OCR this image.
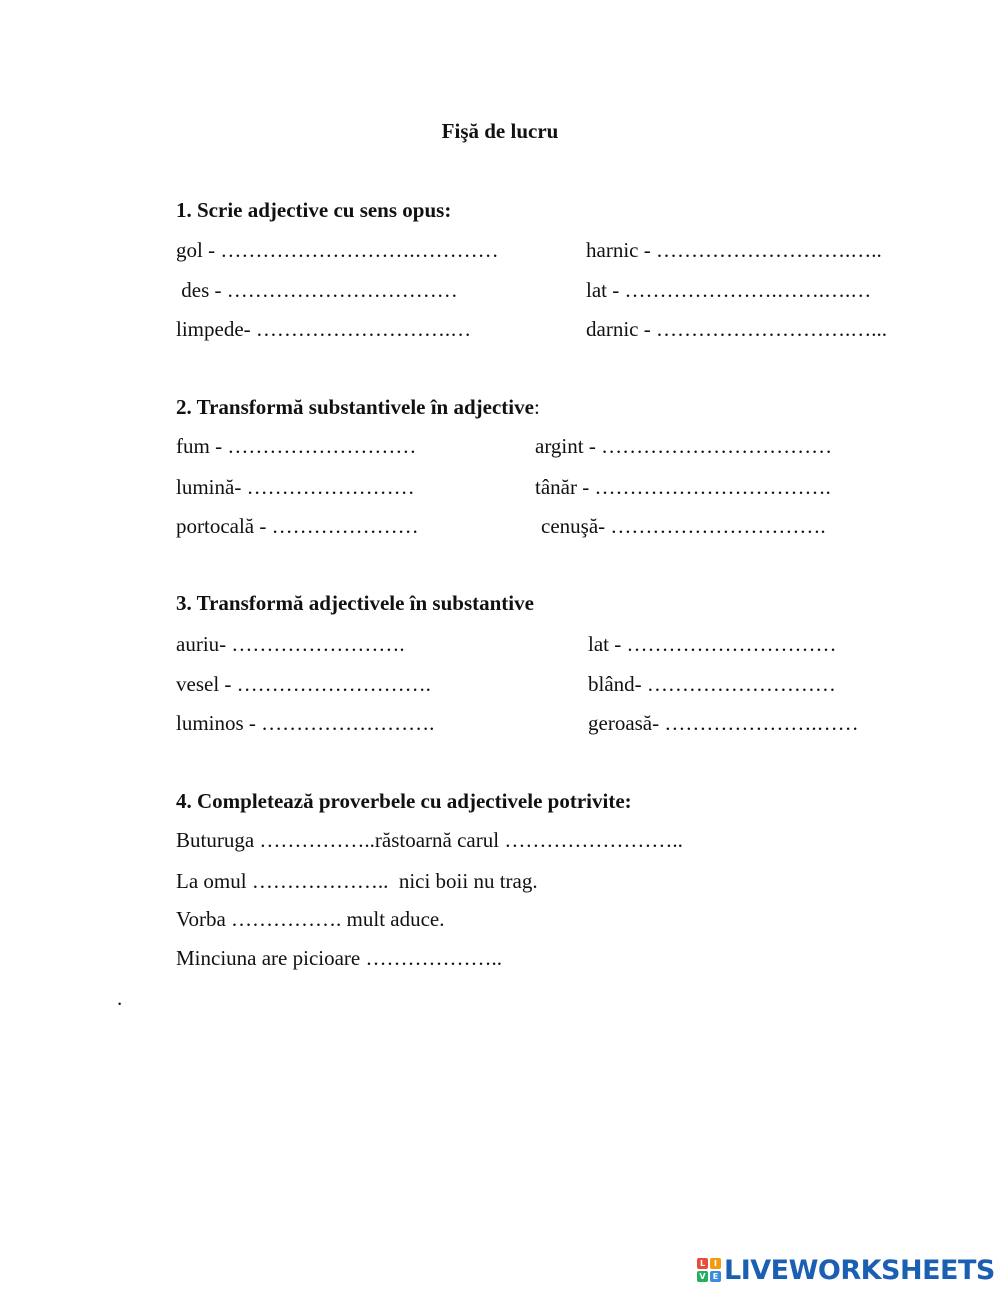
Fişă de lucru
1. Scrie adjective cu sens opus:
gol - ……………………….…………	harnic - ……………………….…..
des - ……………………………	lat - ………………….…….….…
limpede- ……………………….…	darnic - ……………………….…...
2. Transformă substantivele în adjective:
fum - ………………………	argint - ……………………………
lumină- ……………………	tânăr - …………………………….
portocală - …………………	cenuşă- ………………………….
3. Transformă adjectivele în substantive
auriu- …………………….	lat - …………………………
vesel - ……………………….	blând- ………………………
luminos - …………………….	geroasă- ………………….……
4. Completează proverbele cu adjectivele potrivite:
Buturuga ……………..răstoarnă carul ……………………..
La omul ………………..  nici boii nu trag.
Vorba ……………. mult aduce.
Minciuna are picioare ………………..
.
L	I
V E LIVEWORKSHEETS
